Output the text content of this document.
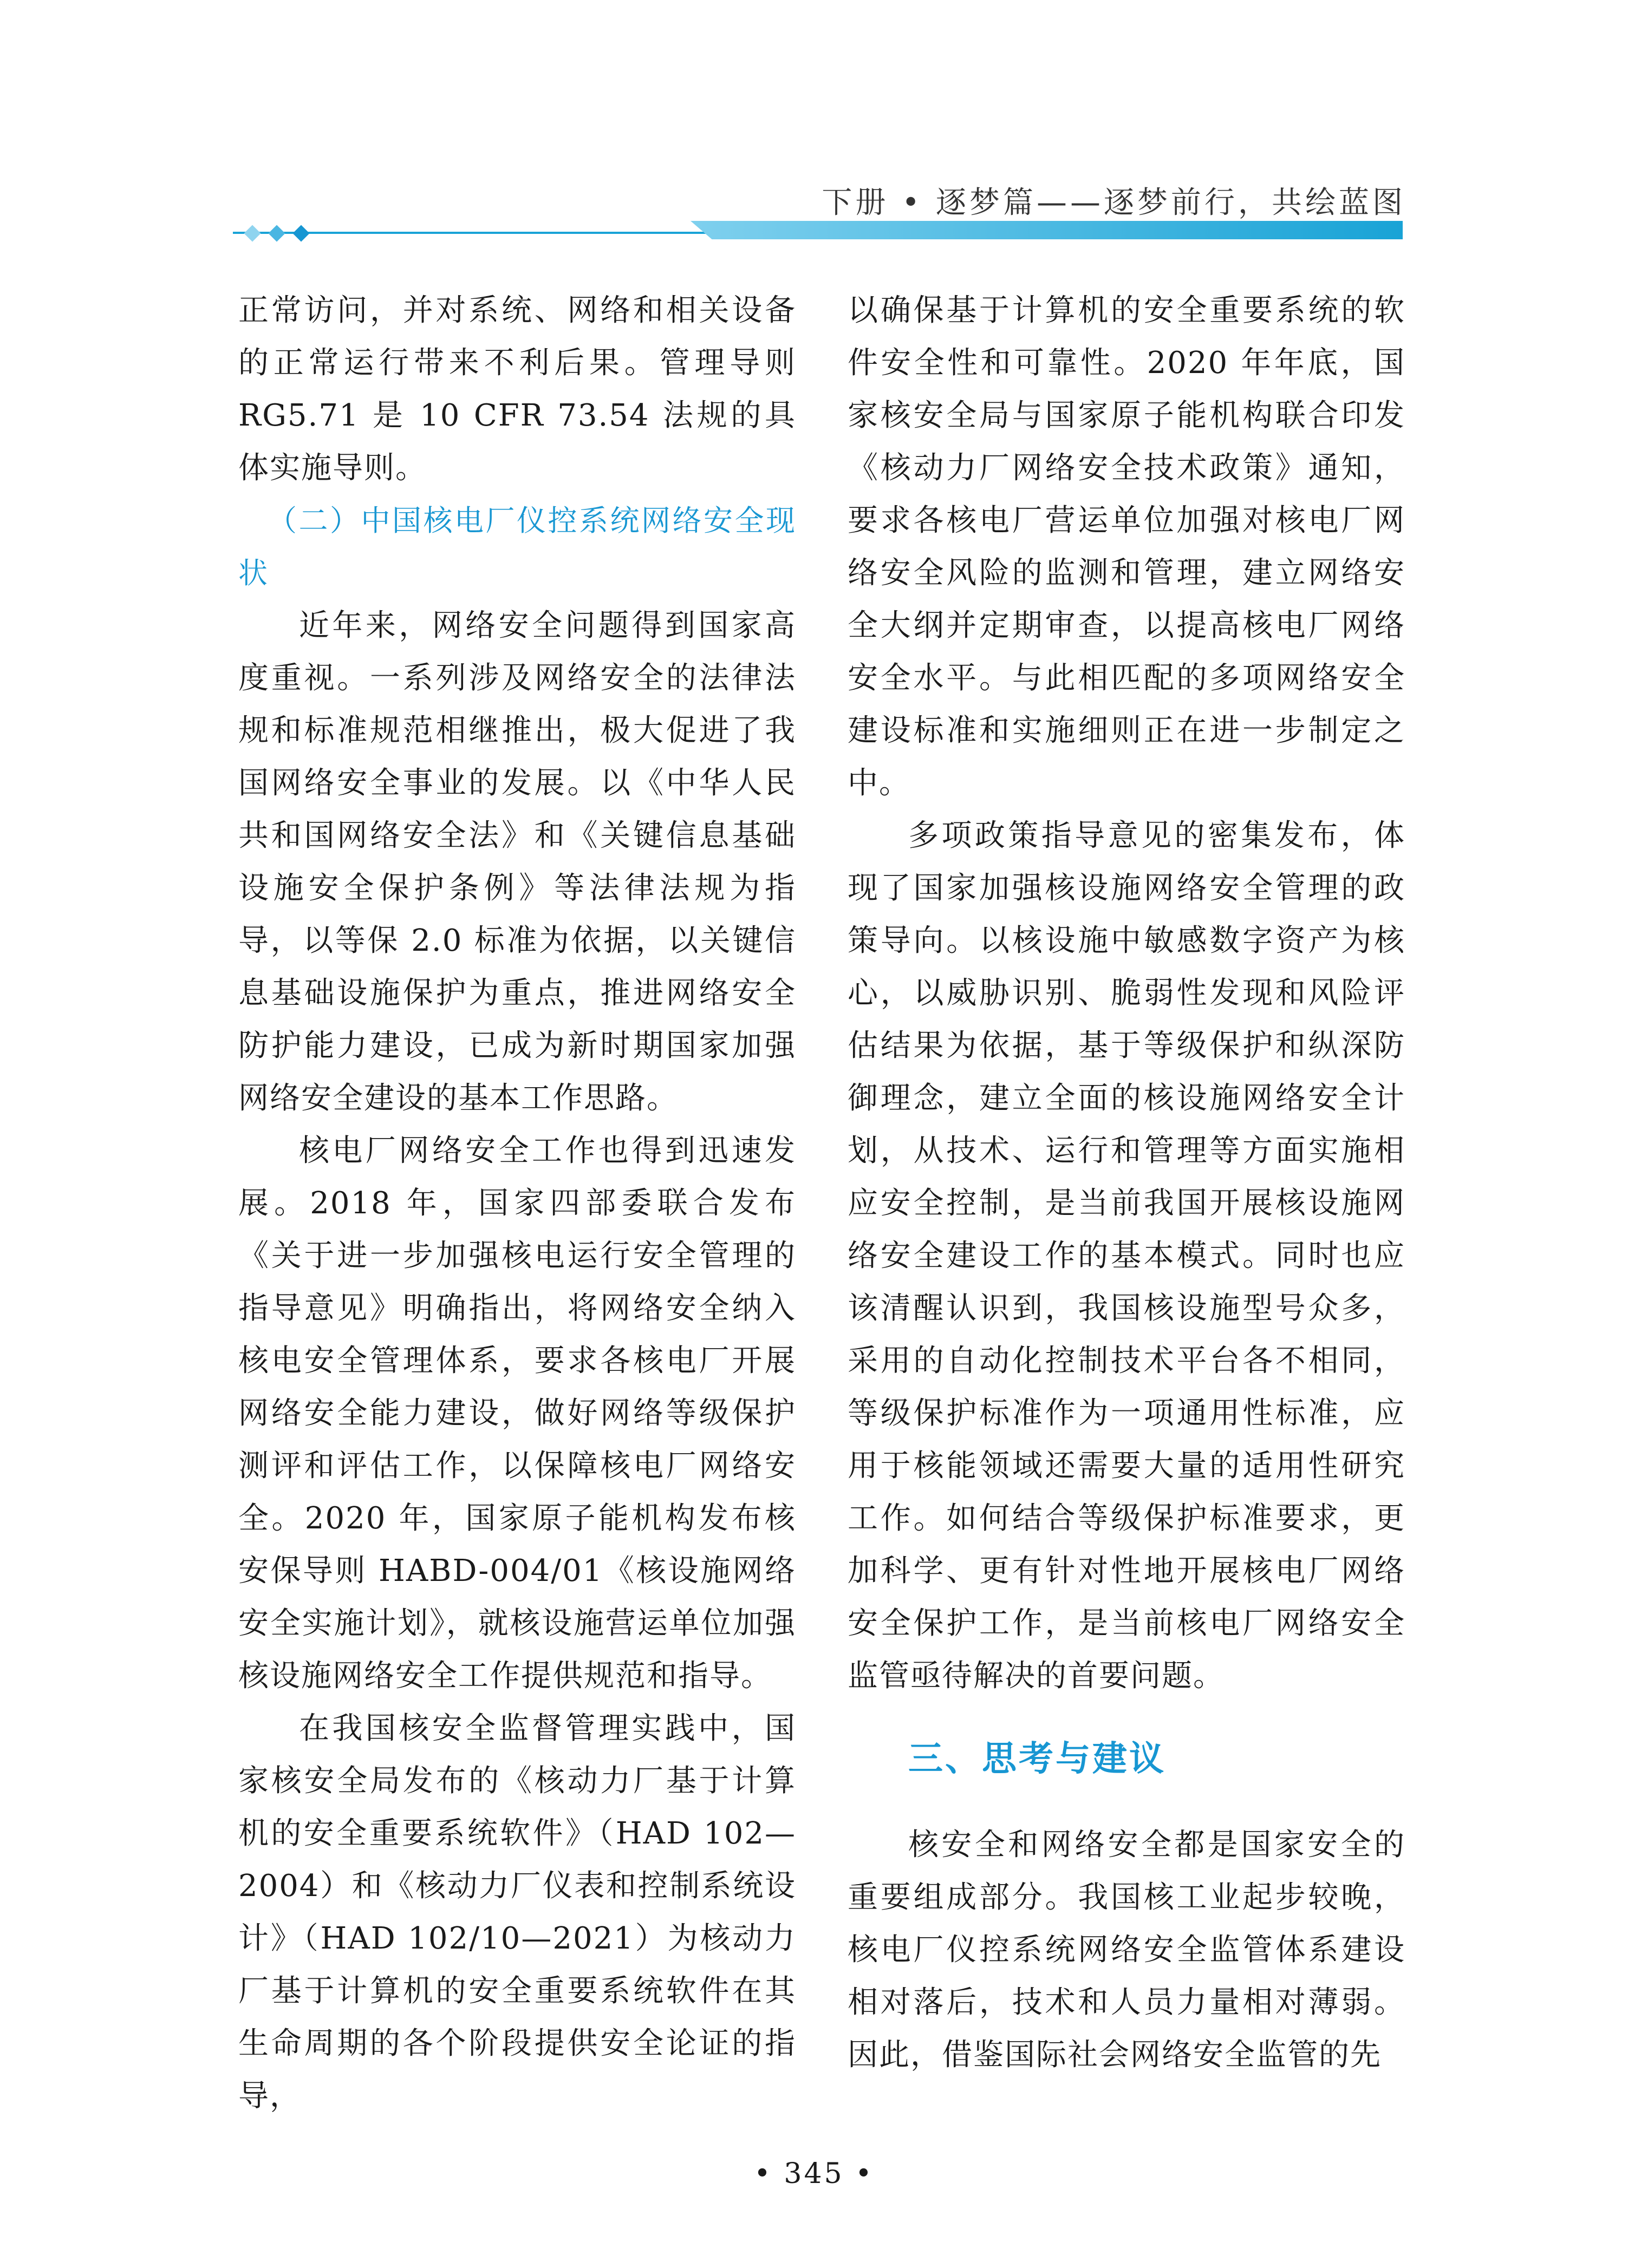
下册 • 逐梦篇——逐梦前行，共绘蓝图

正常访问，并对系统、网络和相关设备的正常运行带来不利后果。管理导则RG5.71 是 10 CFR 73.54 法规的具体实施导则。

（二）中国核电厂仪控系统网络安全现状

近年来，网络安全问题得到国家高度重视。一系列涉及网络安全的法律法规和标准规范相继推出，极大促进了我国网络安全事业的发展。以《中华人民共和国网络安全法》和《关键信息基础设施安全保护条例》等法律法规为指导，以等保 2.0 标准为依据，以关键信息基础设施保护为重点，推进网络安全防护能力建设，已成为新时期国家加强网络安全建设的基本工作思路。

核电厂网络安全工作也得到迅速发展。2018 年，国家四部委联合发布《关于进一步加强核电运行安全管理的指导意见》明确指出，将网络安全纳入核电安全管理体系，要求各核电厂开展网络安全能力建设，做好网络等级保护测评和评估工作，以保障核电厂网络安全。2020 年，国家原子能机构发布核安保导则 HABD-004/01《核设施网络安全实施计划》，就核设施营运单位加强核设施网络安全工作提供规范和指导。

在我国核安全监督管理实践中，国家核安全局发布的《核动力厂基于计算机的安全重要系统软件》（HAD 102—2004）和《核动力厂仪表和控制系统设计》（HAD 102/10—2021）为核动力厂基于计算机的安全重要系统软件在其生命周期的各个阶段提供安全论证的指导，

以确保基于计算机的安全重要系统的软件安全性和可靠性。2020 年年底，国家核安全局与国家原子能机构联合印发《核动力厂网络安全技术政策》通知，要求各核电厂营运单位加强对核电厂网络安全风险的监测和管理，建立网络安全大纲并定期审查，以提高核电厂网络安全水平。与此相匹配的多项网络安全建设标准和实施细则正在进一步制定之中。

多项政策指导意见的密集发布，体现了国家加强核设施网络安全管理的政策导向。以核设施中敏感数字资产为核心，以威胁识别、脆弱性发现和风险评估结果为依据，基于等级保护和纵深防御理念，建立全面的核设施网络安全计划，从技术、运行和管理等方面实施相应安全控制，是当前我国开展核设施网络安全建设工作的基本模式。同时也应该清醒认识到，我国核设施型号众多，采用的自动化控制技术平台各不相同，等级保护标准作为一项通用性标准，应用于核能领域还需要大量的适用性研究工作。如何结合等级保护标准要求，更加科学、更有针对性地开展核电厂网络安全保护工作，是当前核电厂网络安全监管亟待解决的首要问题。

三、思考与建议

核安全和网络安全都是国家安全的重要组成部分。我国核工业起步较晚，核电厂仪控系统网络安全监管体系建设相对落后，技术和人员力量相对薄弱。因此，借鉴国际社会网络安全监管的先

• 345 •
